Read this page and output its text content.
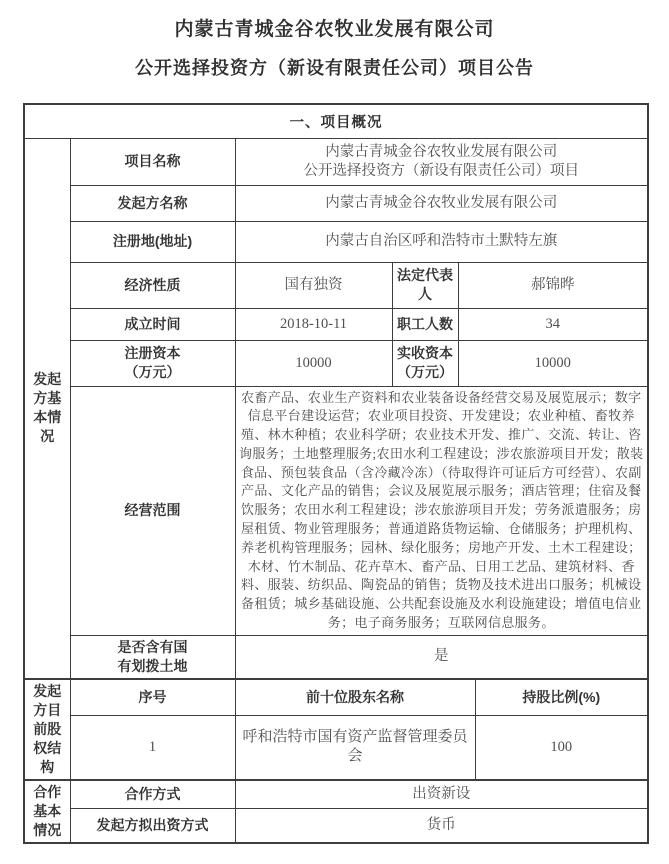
内蒙古青城金谷农牧业发展有限公司
公开选择投资方（新设有限责任公司）项目公告
一、项目概况					
发起方基本情况	项目名称	内蒙古青城金谷农牧业发展有限公司
公开选择投资方（新设有限责任公司）项目			

	发起方名称	内蒙古青城金谷农牧业发展有限公司			
	注册地(地址)	内蒙古自治区呼和浩特市土默特左旗			
	经济性质	国有独资	法定代表人	郝锦晔	
	成立时间	2018-10-11	职工人数	34	
	注册资本（万元）	10000	实收资本（万元）	10000	
	经营范围	农畜产品、农业生产资料和农业装备设备经营交易及展览展示；数字信息平台建设运营；农业项目投资、开发建设；农业种植、畜牧养殖、林木种植；农业科学研；农业技术开发、推广、交流、转让、咨询服务；土地整理服务;农田水利工程建设；涉农旅游项目开发；散装食品、预包装食品（含冷藏冷冻）（待取得许可证后方可经营）、农副产品、文化产品的销售；会议及展览展示服务；酒店管理；住宿及餐饮服务；农田水利工程建设；涉农旅游项目开发；劳务派遣服务；房屋租赁、物业管理服务；普通道路货物运输、仓储服务；护理机构、养老机构管理服务；园林、绿化服务；房地产开发、土木工程建设；木材、竹木制品、花卉草木、畜产品、日用工艺品、建筑材料、香料、服装、纺织品、陶瓷品的销售；货物及技术进出口服务；机械设备租赁；城乡基础设施、公共配套设施及水利设施建设；增值电信业务；电子商务服务；互联网信息服务。			
	是否含有国有划拨土地	是			
发起方目前股权结构	序号	前十位股东名称			持股比例(%)
	1	呼和浩特市国有资产监督管理委员会			100
合作基本情况	合作方式	出资新设			
	发起方拟出资方式	货币			
